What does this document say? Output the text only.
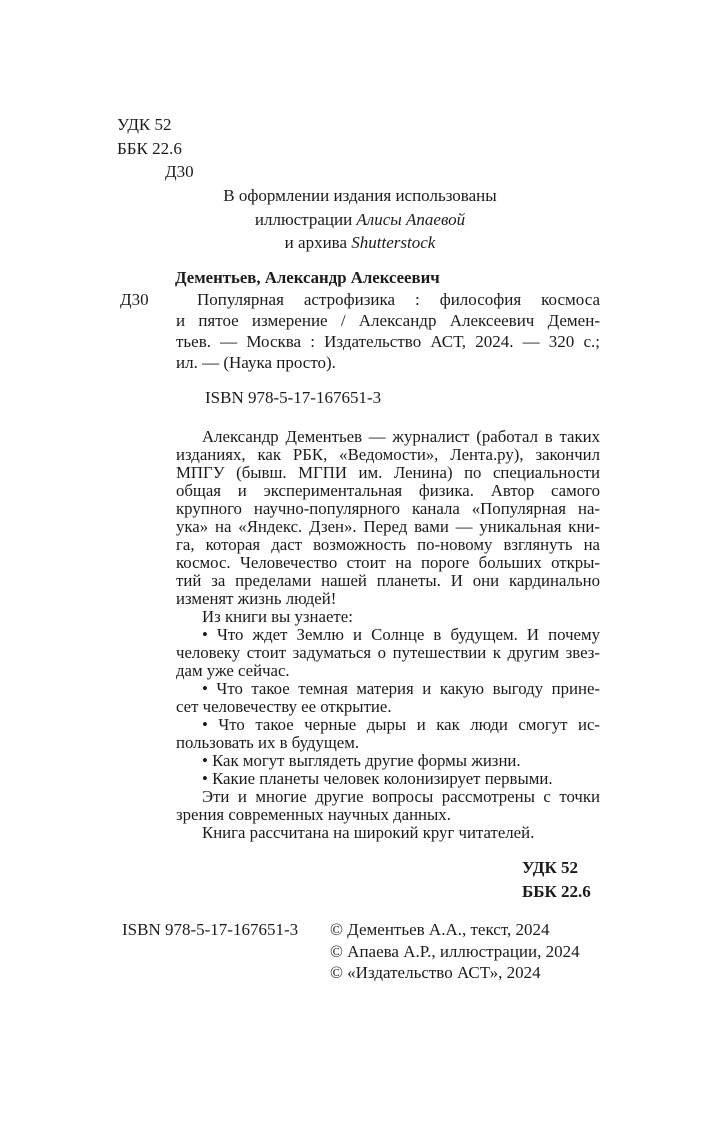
УДК 52
ББК 22.6
Д30
В оформлении издания использованы
иллюстрации Алисы Апаевой
и архива Shutterstock
Дементьев, Александр Алексеевич
Д30	Популярная астрофизика : философия космоса
и пятое измерение / Александр Алексеевич Демен-
тьев. — Москва : Издательство АСТ, 2024. — 320 с.;
ил. — (Наука просто).
ISBN 978-5-17-167651-3
Александр Дементьев — журналист (работал в таких
изданиях, как РБК, «Ведомости», Лента.ру), закончил
МПГУ (бывш. МГПИ им. Ленина) по специальности
общая и экспериментальная физика. Автор самого
крупного научно-популярного канала «Популярная на-
ука» на «Яндекс. Дзен». Перед вами — уникальная кни-
га, которая даст возможность по-новому взглянуть на
космос. Человечество стоит на пороге больших откры-
тий за пределами нашей планеты. И они кардинально
изменят жизнь людей!
Из книги вы узнаете:
• Что ждет Землю и Солнце в будущем. И почему
человеку стоит задуматься о путешествии к другим звез-
дам уже сейчас.
• Что такое темная материя и какую выгоду прине-
сет человечеству ее открытие.
• Что такое черные дыры и как люди смогут ис-
пользовать их в будущем.
• Как могут выглядеть другие формы жизни.
• Какие планеты человек колонизирует первыми.
Эти и многие другие вопросы рассмотрены с точки
зрения современных научных данных.
Книга рассчитана на широкий круг читателей.
УДК 52
ББК 22.6
ISBN 978-5-17-167651-3 © Дементьев А.А., текст, 2024
© Апаева А.Р., иллюстрации, 2024
© «Издательство АСТ», 2024
